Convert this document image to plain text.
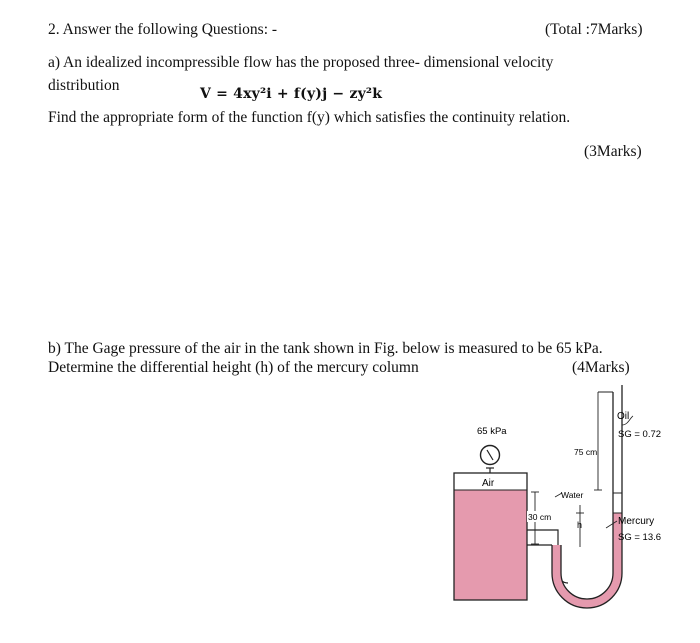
2. Answer the following Questions: -	(Total :7Marks)
a) An idealized incompressible flow has the proposed three- dimensional velocity
distribution	V = 4xy²i + f(y)j − zy²k
Find the appropriate form of the function f(y) which satisfies the continuity relation.
(3Marks)
b) The Gage pressure of the air in the tank shown in Fig. below is measured to be 65 kPa.
Determine the differential height (h) of the mercury column	(4Marks)
Air
65 kPa
30 cm
75 cm
h
Water
Oil
SG = 0.72
Mercury
SG = 13.6
